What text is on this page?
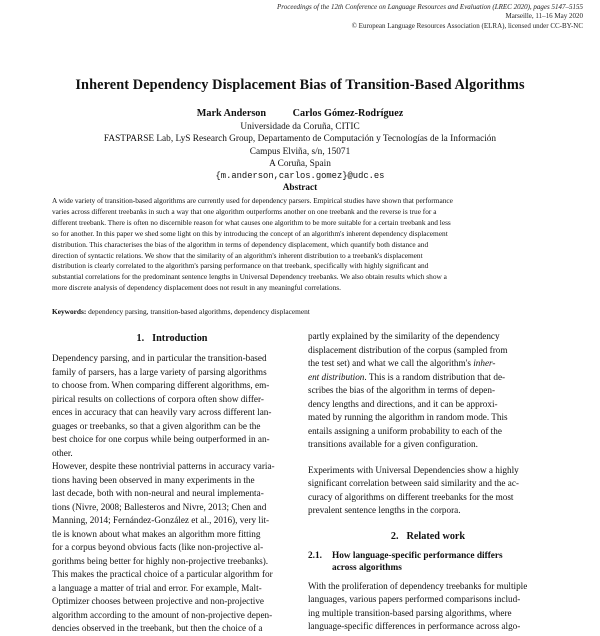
Proceedings of the 12th Conference on Language Resources and Evaluation (LREC 2020), pages 5147–5155
Marseille, 11–16 May 2020
© European Language Resources Association (ELRA), licensed under CC-BY-NC
Inherent Dependency Displacement Bias of Transition-Based Algorithms
Mark Anderson	Carlos Gómez-Rodríguez
Universidade da Coruña, CITIC
FASTPARSE Lab, LyS Research Group, Departamento de Computación y Tecnologías de la Información
Campus Elviña, s/n, 15071
A Coruña, Spain
{m.anderson,carlos.gomez}@udc.es
Abstract
A wide variety of transition-based algorithms are currently used for dependency parsers. Empirical studies have shown that performance
varies across different treebanks in such a way that one algorithm outperforms another on one treebank and the reverse is true for a
different treebank. There is often no discernible reason for what causes one algorithm to be more suitable for a certain treebank and less
so for another. In this paper we shed some light on this by introducing the concept of an algorithm's inherent dependency displacement
distribution. This characterises the bias of the algorithm in terms of dependency displacement, which quantify both distance and
direction of syntactic relations. We show that the similarity of an algorithm's inherent distribution to a treebank's displacement
distribution is clearly correlated to the algorithm's parsing performance on that treebank, specifically with highly significant and
substantial correlations for the predominant sentence lengths in Universal Dependency treebanks. We also obtain results which show a
more discrete analysis of dependency displacement does not result in any meaningful correlations.
Keywords: dependency parsing, transition-based algorithms, dependency displacement
1. Introduction
Dependency parsing, and in particular the transition-based
family of parsers, has a large variety of parsing algorithms
to choose from. When comparing different algorithms, em-
pirical results on collections of corpora often show differ-
ences in accuracy that can heavily vary across different lan-
guages or treebanks, so that a given algorithm can be the
best choice for one corpus while being outperformed in an-
other.
However, despite these nontrivial patterns in accuracy varia-
tions having been observed in many experiments in the
last decade, both with non-neural and neural implementa-
tions (Nivre, 2008; Ballesteros and Nivre, 2013; Chen and
Manning, 2014; Fernández-González et al., 2016), very lit-
tle is known about what makes an algorithm more fitting
for a corpus beyond obvious facts (like non-projective al-
gorithms being better for highly non-projective treebanks).
This makes the practical choice of a particular algorithm for
a language a matter of trial and error. For example, Malt-
Optimizer chooses between projective and non-projective
algorithm according to the amount of non-projective depen-
dencies observed in the treebank, but then the choice of a
partly explained by the similarity of the dependency
displacement distribution of the corpus (sampled from
the test set) and what we call the algorithm's inher-
ent distribution. This is a random distribution that de-
scribes the bias of the algorithm in terms of depen-
dency lengths and directions, and it can be approxi-
mated by running the algorithm in random mode. This
entails assigning a uniform probability to each of the
transitions available for a given configuration.
Experiments with Universal Dependencies show a highly
significant correlation between said similarity and the ac-
curacy of algorithms on different treebanks for the most
prevalent sentence lengths in the corpora.
2. Related work
2.1. How language-specific performance differs
across algorithms
With the proliferation of dependency treebanks for multiple
languages, various papers performed comparisons includ-
ing multiple transition-based parsing algorithms, where
language-specific differences in performance across algo-
